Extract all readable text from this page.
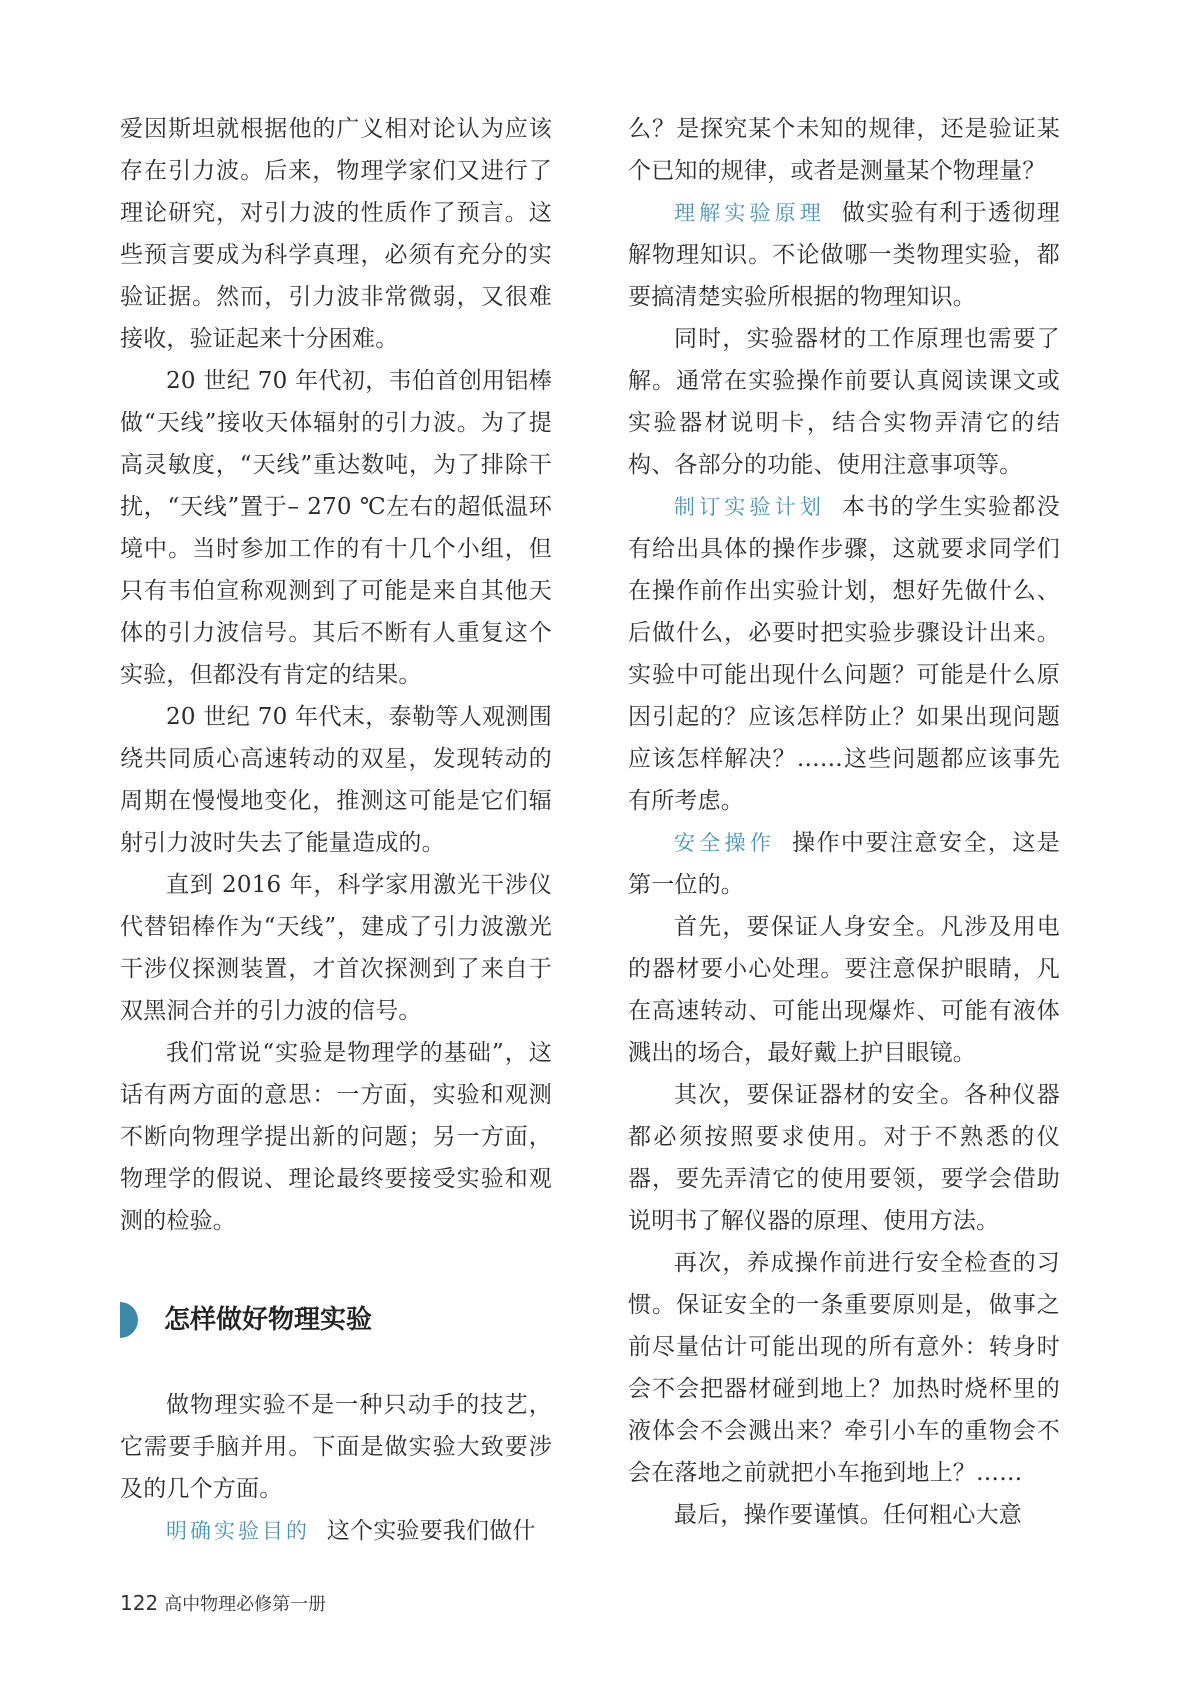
爱因斯坦就根据他的广义相对论认为应该存在引力波。后来，物理学家们又进行了理论研究，对引力波的性质作了预言。这些预言要成为科学真理，必须有充分的实验证据。然而，引力波非常微弱，又很难接收，验证起来十分困难。

20 世纪 70 年代初，韦伯首创用铝棒做“天线”接收天体辐射的引力波。为了提高灵敏度，“天线”重达数吨，为了排除干扰，“天线”置于– 270 ℃左右的超低温环境中。当时参加工作的有十几个小组，但只有韦伯宣称观测到了可能是来自其他天体的引力波信号。其后不断有人重复这个实验，但都没有肯定的结果。

20 世纪 70 年代末，泰勒等人观测围绕共同质心高速转动的双星，发现转动的周期在慢慢地变化，推测这可能是它们辐射引力波时失去了能量造成的。

直到 2016 年，科学家用激光干涉仪代替铝棒作为“天线”，建成了引力波激光干涉仪探测装置，才首次探测到了来自于双黑洞合并的引力波的信号。

我们常说“实验是物理学的基础”，这话有两方面的意思：一方面，实验和观测不断向物理学提出新的问题；另一方面，物理学的假说、理论最终要接受实验和观测的检验。

怎样做好物理实验

做物理实验不是一种只动手的技艺，它需要手脑并用。下面是做实验大致要涉及的几个方面。

明确实验目的 这个实验要我们做什

么？是探究某个未知的规律，还是验证某个已知的规律，或者是测量某个物理量？

理解实验原理 做实验有利于透彻理解物理知识。不论做哪一类物理实验，都要搞清楚实验所根据的物理知识。

同时，实验器材的工作原理也需要了解。通常在实验操作前要认真阅读课文或实验器材说明卡，结合实物弄清它的结构、各部分的功能、使用注意事项等。

制订实验计划 本书的学生实验都没有给出具体的操作步骤，这就要求同学们在操作前作出实验计划，想好先做什么、后做什么，必要时把实验步骤设计出来。实验中可能出现什么问题？可能是什么原因引起的？应该怎样防止？如果出现问题应该怎样解决？……这些问题都应该事先有所考虑。

安全操作 操作中要注意安全，这是第一位的。

首先，要保证人身安全。凡涉及用电的器材要小心处理。要注意保护眼睛，凡在高速转动、可能出现爆炸、可能有液体溅出的场合，最好戴上护目眼镜。

其次，要保证器材的安全。各种仪器都必须按照要求使用。对于不熟悉的仪器，要先弄清它的使用要领，要学会借助说明书了解仪器的原理、使用方法。

再次，养成操作前进行安全检查的习惯。保证安全的一条重要原则是，做事之前尽量估计可能出现的所有意外：转身时会不会把器材碰到地上？加热时烧杯里的液体会不会溅出来？牵引小车的重物会不会在落地之前就把小车拖到地上？……

最后，操作要谨慎。任何粗心大意

122 高中物理必修第一册
